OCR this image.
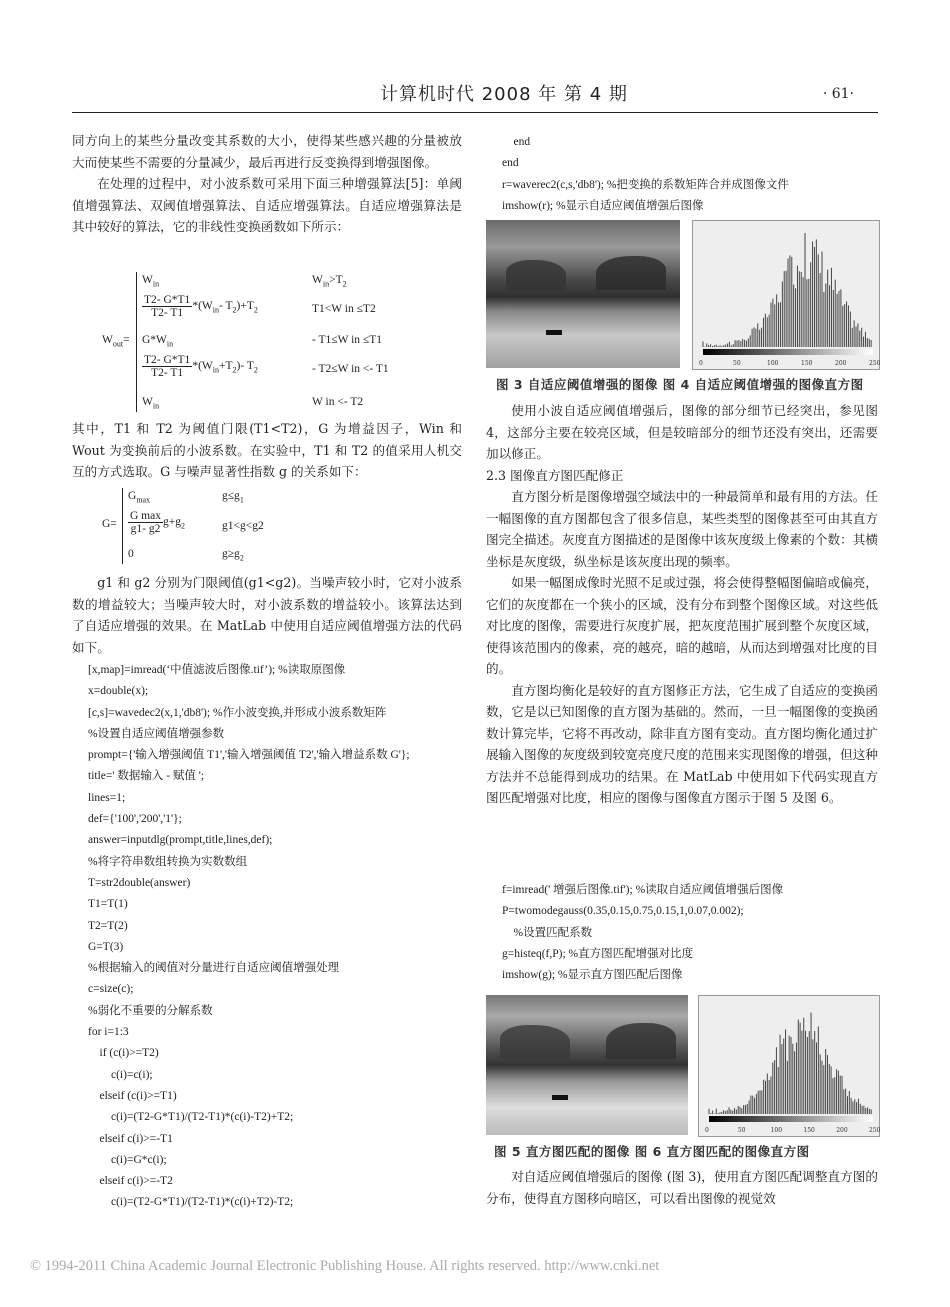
计算机时代 2008 年 第 4 期	· 61·

同方向上的某些分量改变其系数的大小，使得某些感兴趣的分量被放大而使某些不需要的分量减少，最后再进行反变换得到增强图像。

在处理的过程中，对小波系数可采用下面三种增强算法[5]：单阈值增强算法、双阈值增强算法、自适应增强算法。自适应增强算法是其中较好的算法，它的非线性变换函数如下所示：

$W_{out}=$
$W_{in}$	$W_{in}>T_2$
$\frac{T2- G*T1}{T2- T1} *(W_{in}-$ $T_2)+T_2$	T1<W in ≤T2
$G*W_{in}$	- T1≤W in ≤T1
$\frac{T2- G*T1}{T2- T1} *(W_{in}+T_2)-$ $T_2$	- T2≤W in <- T1
$W_{in}$	W in <- T2

其中，T1 和 T2 为阈值门限(T1<T2)，G 为增益因子，Win 和 Wout 为变换前后的小波系数。在实验中，T1 和 T2 的值采用人机交互的方式选取。G 与噪声显著性指数 g 的关系如下：

G=
$G_{max}$	$g\le g_1$
$\frac{\text{G max}}{g1- g2} g+g_2$	g1<g<g2
0	$g\ge g_2$

g1 和 g2 分别为门限阈值(g1<g2)。当噪声较小时，它对小波系数的增益较大；当噪声较大时，对小波系数的增益较小。该算法达到了自适应增强的效果。在 MatLab 中使用自适应阈值增强方法的代码如下。

[x,map]=imread(‘中值滤波后图像.tif’); %读取原图像
x=double(x);
[c,s]=wavedec2(x,1,'db8'); %作小波变换,并形成小波系数矩阵
%设置自适应阈值增强参数
prompt={'输入增强阈值 T1','输入增强阈值 T2','输入增益系数 G'};
title=' 数据输入 - 赋值 ';
lines=1;
def={'100','200','1'};
answer=inputdlg(prompt,title,lines,def);
%将字符串数组转换为实数数组
T=str2double(answer)
T1=T(1)
T2=T(2)
G=T(3)
%根据输入的阈值对分量进行自适应阈值增强处理
c=size(c);
%弱化不重要的分解系数
for i=1:3
if (c(i)>=T2)
c(i)=c(i);
elseif (c(i)>=T1)
c(i)=(T2-G*T1)/(T2-T1)*(c(i)-T2)+T2;
elseif c(i)>=-T1
c(i)=G*c(i);
elseif c(i)>=-T2
c(i)=(T2-G*T1)/(T2-T1)*(c(i)+T2)-T2;
end
end
r=waverec2(c,s,'db8'); %把变换的系数矩阵合并成图像文件
imshow(r); %显示自适应阈值增强后图像
0	50	100	150	200	250
图 3 自适应阈值增强的图像 图 4 自适应阈值增强的图像直方图

使用小波自适应阈值增强后，图像的部分细节已经突出，参见图 4，这部分主要在较亮区域，但是较暗部分的细节还没有突出，还需要加以修正。

2.3 图像直方图匹配修正

直方图分析是图像增强空域法中的一种最简单和最有用的方法。任一幅图像的直方图都包含了很多信息，某些类型的图像甚至可由其直方图完全描述。灰度直方图描述的是图像中该灰度级上像素的个数：其横坐标是灰度级，纵坐标是该灰度出现的频率。

如果一幅图成像时光照不足或过强，将会使得整幅图偏暗或偏亮，它们的灰度都在一个狭小的区域，没有分布到整个图像区域。对这些低对比度的图像，需要进行灰度扩展，把灰度范围扩展到整个灰度区域，使得该范围内的像素，亮的越亮，暗的越暗，从而达到增强对比度的目的。

直方图均衡化是较好的直方图修正方法，它生成了自适应的变换函数，它是以已知图像的直方图为基础的。然而，一旦一幅图像的变换函数计算完毕，它将不再改动，除非直方图有变动。直方图均衡化通过扩展输入图像的灰度级到较宽亮度尺度的范围来实现图像的增强，但这种方法并不总能得到成功的结果。在 MatLab 中使用如下代码实现直方图匹配增强对比度，相应的图像与图像直方图示于图 5 及图 6。

f=imread(' 增强后图像.tif'); %读取自适应阈值增强后图像
P=twomodegauss(0.35,0.15,0.75,0.15,1,0.07,0.002);
%设置匹配系数
g=histeq(f,P); %直方图匹配增强对比度
imshow(g); %显示直方图匹配后图像
0	50	100	150	200	250
图 5 直方图匹配的图像 图 6 直方图匹配的图像直方图

对自适应阈值增强后的图像 (图 3)，使用直方图匹配调整直方图的分布，使得直方图移向暗区，可以看出图像的视觉效

© 1994-2011 China Academic Journal Electronic Publishing House. All rights reserved. http://www.cnki.net
